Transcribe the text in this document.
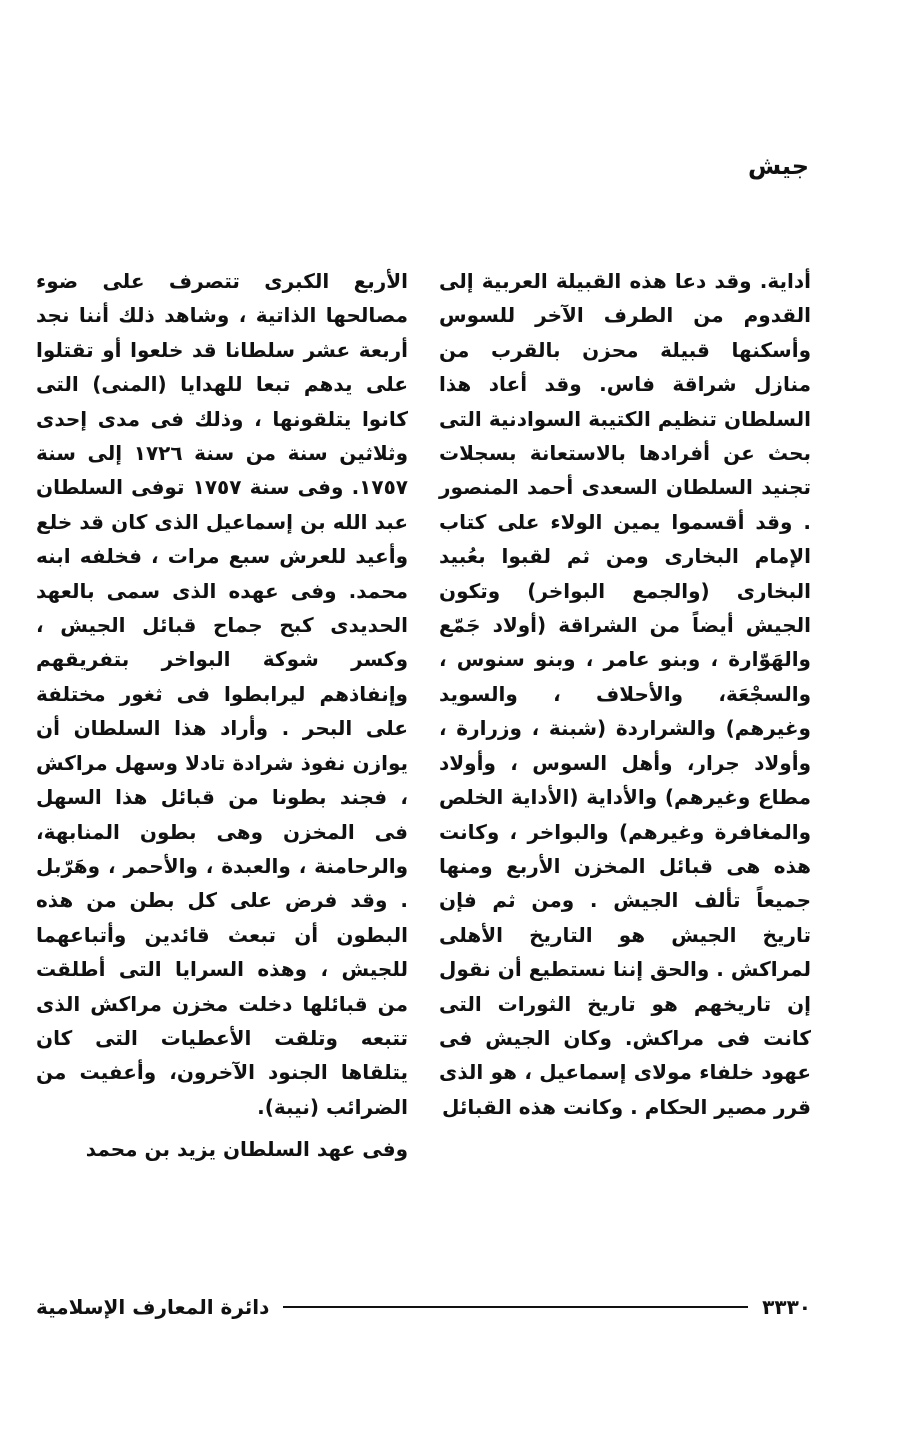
جيش

أداية. وقد دعا هذه القبيلة العربية إلى القدوم من الطرف الآخر للسوس وأسكنها قبيلة محزن بالقرب من منازل شراقة فاس. وقد أعاد هذا السلطان تنظيم الكتيبة السوادنية التى بحث عن أفرادها بالاستعانة بسجلات تجنيد السلطان السعدى أحمد المنصور . وقد أقسموا يمين الولاء على كتاب الإمام البخارى ومن ثم لقبوا بعُبيد البخارى (والجمع البواخر) وتكون الجيش أيضاً من الشراقة (أولاد جَمّع والهَوّارة ، وبنو عامر ، وبنو سنوس ، والسجْعَة، والأحلاف ، والسويد وغيرهم) والشراردة (شبنة ، وزرارة ، وأولاد جرار، وأهل السوس ، وأولاد مطاع وغيرهم) والأداية (الأداية الخلص والمغافرة وغيرهم) والبواخر ، وكانت هذه هى قبائل المخزن الأربع ومنها جميعاً تألف الجيش . ومن ثم فإن تاريخ الجيش هو التاريخ الأهلى لمراكش . والحق إننا نستطيع أن نقول إن تاريخهم هو تاريخ الثورات التى كانت فى مراكش. وكان الجيش فى عهود خلفاء مولاى إسماعيل ، هو الذى قرر مصير الحكام . وكانت هذه القبائل

الأربع الكبرى تتصرف على ضوء مصالحها الذاتية ، وشاهد ذلك أننا نجد أربعة عشر سلطانا قد خلعوا أو تقتلوا على يدهم تبعا للهدايا (المنى) التى كانوا يتلقونها ، وذلك فى مدى إحدى وثلاثين سنة من سنة ١٧٢٦ إلى سنة ١٧٥٧. وفى سنة ١٧٥٧ توفى السلطان عبد الله بن إسماعيل الذى كان قد خلع وأعيد للعرش سبع مرات ، فخلفه ابنه محمد. وفى عهده الذى سمى بالعهد الحديدى كبح جماح قبائل الجيش ، وكسر شوكة البواخر بتفريقهم وإنفاذهم ليرابطوا فى ثغور مختلفة على البحر . وأراد هذا السلطان أن يوازن نفوذ شرادة تادلا وسهل مراكش ، فجند بطونا من قبائل هذا السهل فى المخزن وهى بطون المنابهة، والرحامنة ، والعبدة ، والأحمر ، وهَرّبل . وقد فرض على كل بطن من هذه البطون أن تبعث قائدين وأتباعهما للجيش ، وهذه السرايا التى أطلقت من قبائلها دخلت مخزن مراكش الذى تتبعه وتلقت الأعطيات التى كان يتلقاها الجنود الآخرون، وأعفيت من الضرائب (نيبة).

وفى عهد السلطان يزيد بن محمد

٣٣٣٠
دائرة المعارف الإسلامية
